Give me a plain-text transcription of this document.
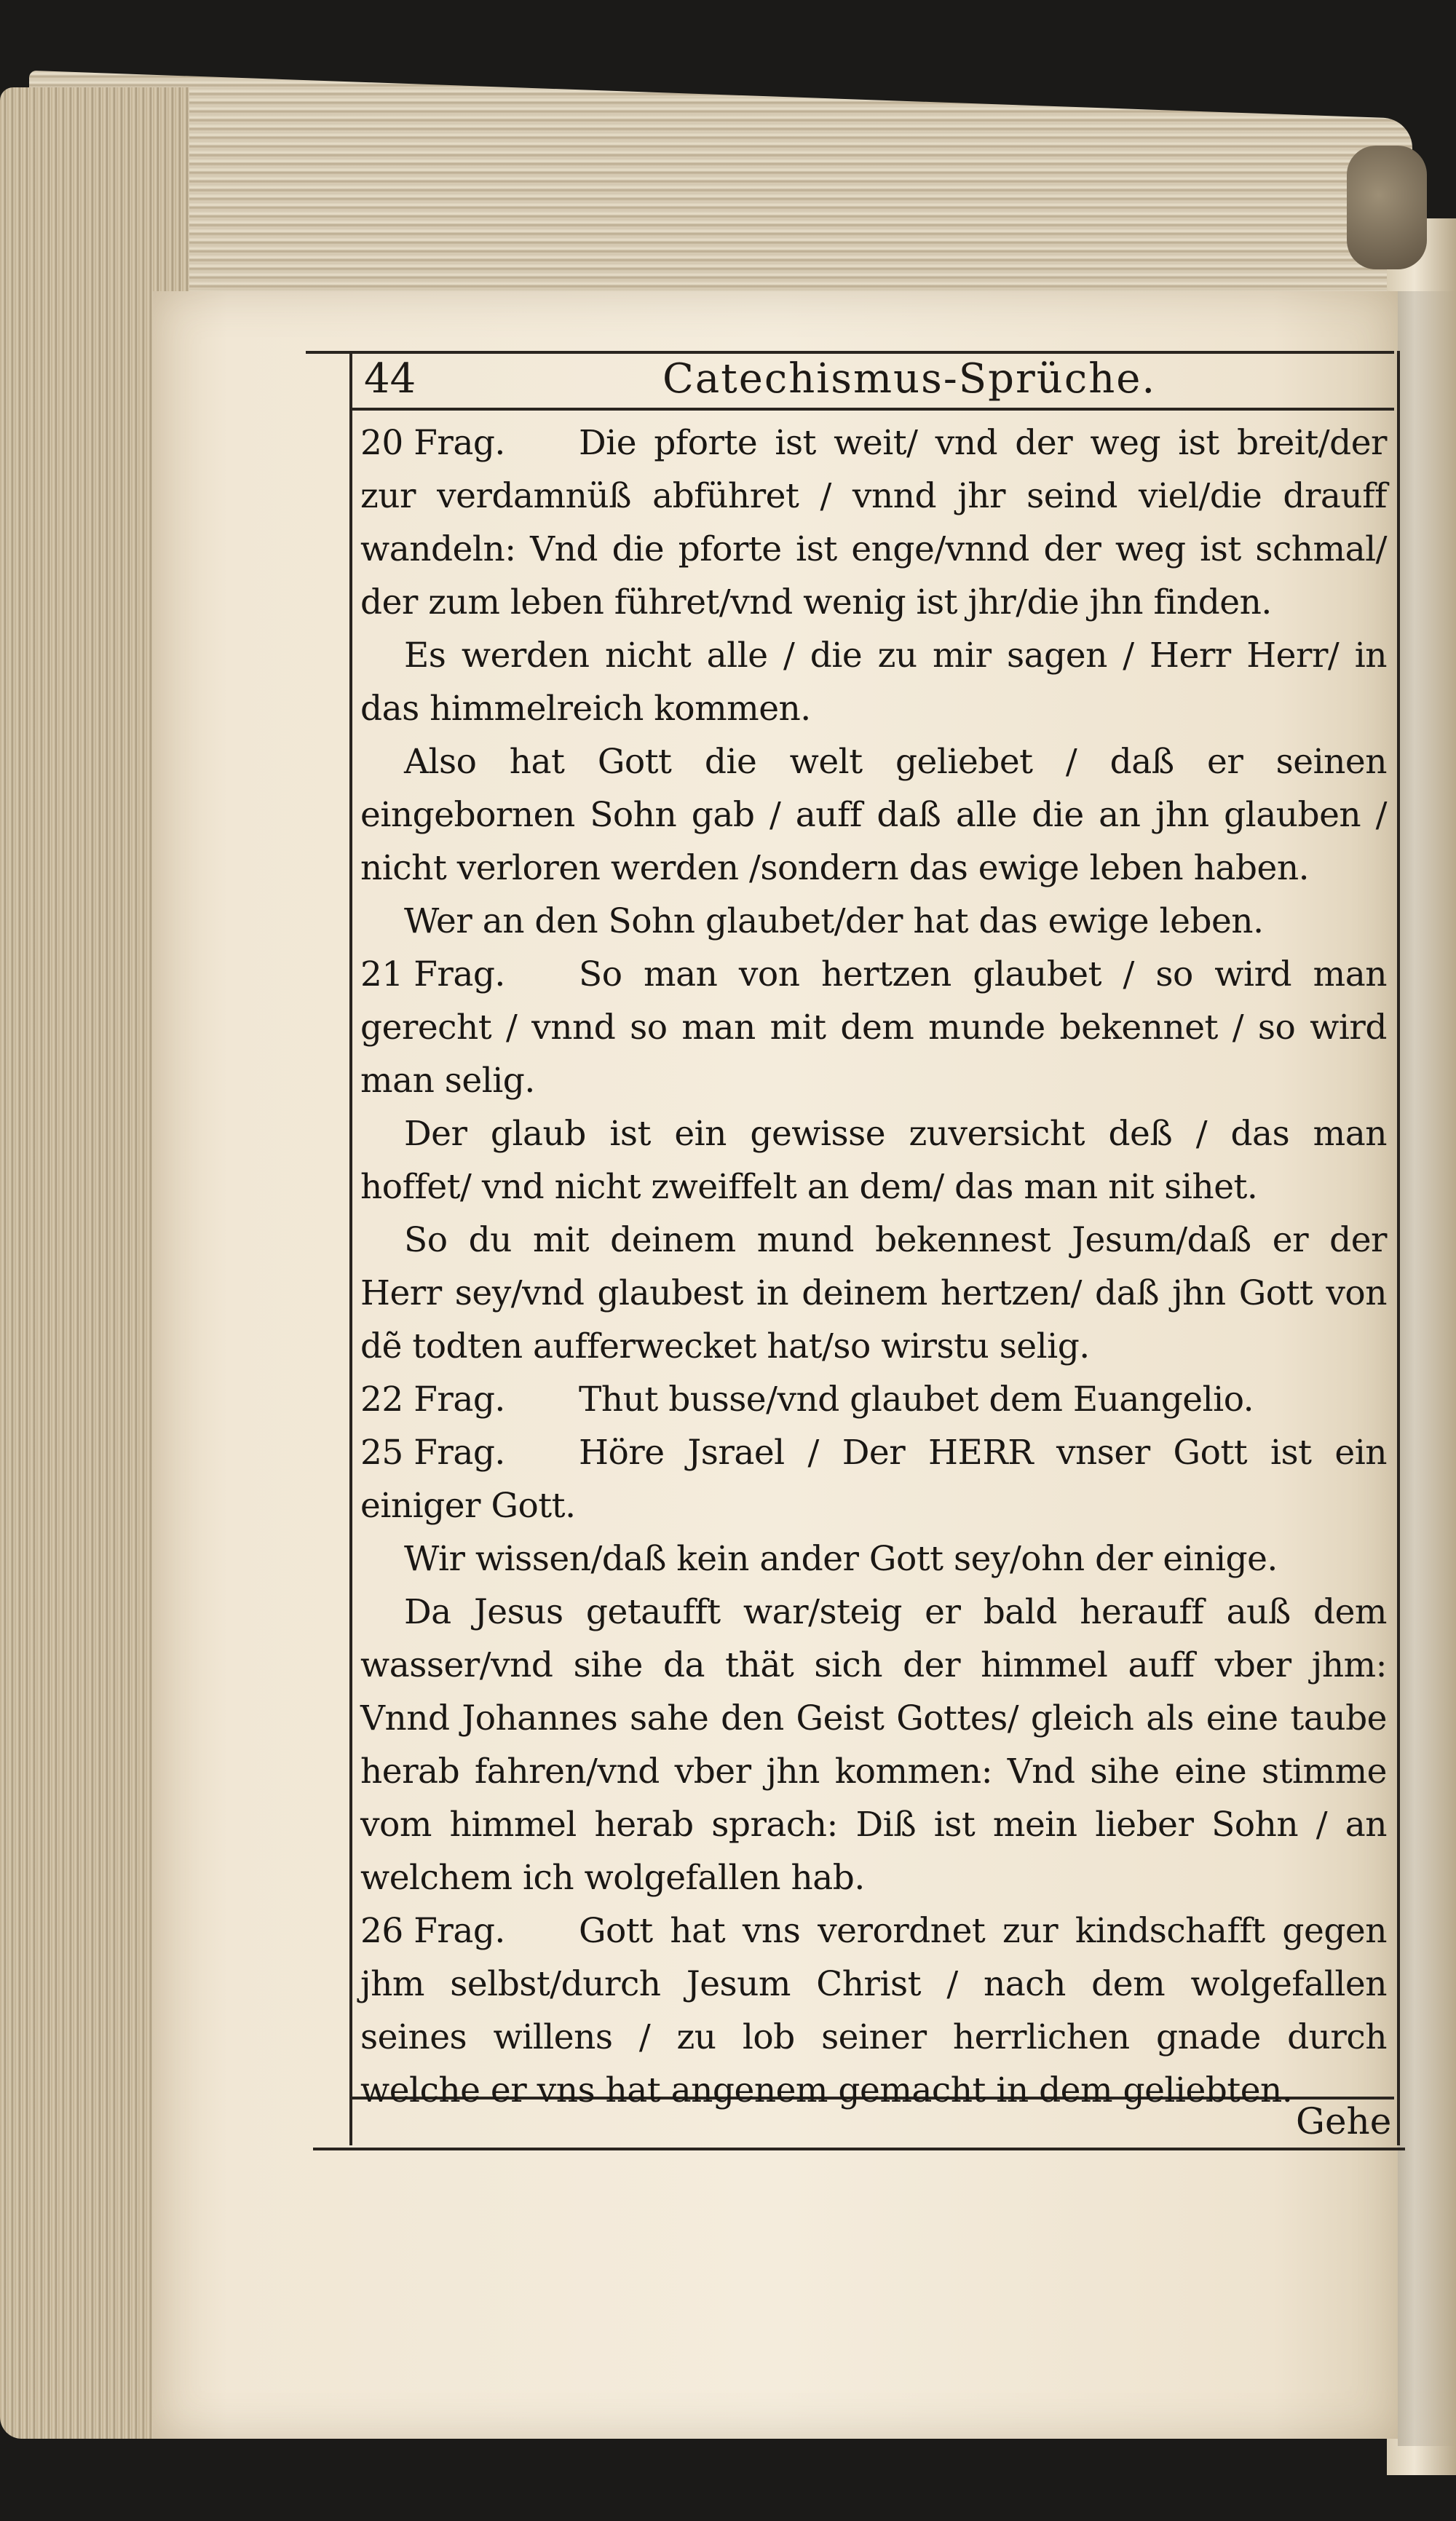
44	Catechismus-Sprüche.

20 Frag. Die pforte ist weit/ vnd der weg ist breit/der zur verdamnüß abführet / vnnd jhr seind viel/die drauff wandeln: Vnd die pforte ist enge/vnnd der weg ist schmal/ der zum leben führet/vnd wenig ist jhr/die jhn finden.

Es werden nicht alle / die zu mir sagen / Herr Herr/ in das himmelreich kommen.

Also hat Gott die welt geliebet / daß er seinen eingebornen Sohn gab / auff daß alle die an jhn glauben / nicht verloren werden /sondern das ewige leben haben.

Wer an den Sohn glaubet/der hat das ewige leben.

21 Frag. So man von hertzen glaubet / so wird man gerecht / vnnd so man mit dem munde bekennet / so wird man selig.

Der glaub ist ein gewisse zuversicht deß / das man hoffet/ vnd nicht zweiffelt an dem/ das man nit sihet.

So du mit deinem mund bekennest Jesum/daß er der Herr sey/vnd glaubest in deinem hertzen/ daß jhn Gott von dẽ todten aufferwecket hat/so wirstu selig.

22 Frag. Thut busse/vnd glaubet dem Euangelio.

25 Frag. Höre Jsrael / Der HERR vnser Gott ist ein einiger Gott.

Wir wissen/daß kein ander Gott sey/ohn der einige.

Da Jesus getaufft war/steig er bald herauff auß dem wasser/vnd sihe da thät sich der himmel auff vber jhm: Vnnd Johannes sahe den Geist Gottes/ gleich als eine taube herab fahren/vnd vber jhn kommen: Vnd sihe eine stimme vom himmel herab sprach: Diß ist mein lieber Sohn / an welchem ich wolgefallen hab.

26 Frag. Gott hat vns verordnet zur kindschafft gegen jhm selbst/durch Jesum Christ / nach dem wolgefallen seines willens / zu lob seiner herrlichen gnade durch welche er vns hat angenem gemacht in dem geliebten.

Gehe
